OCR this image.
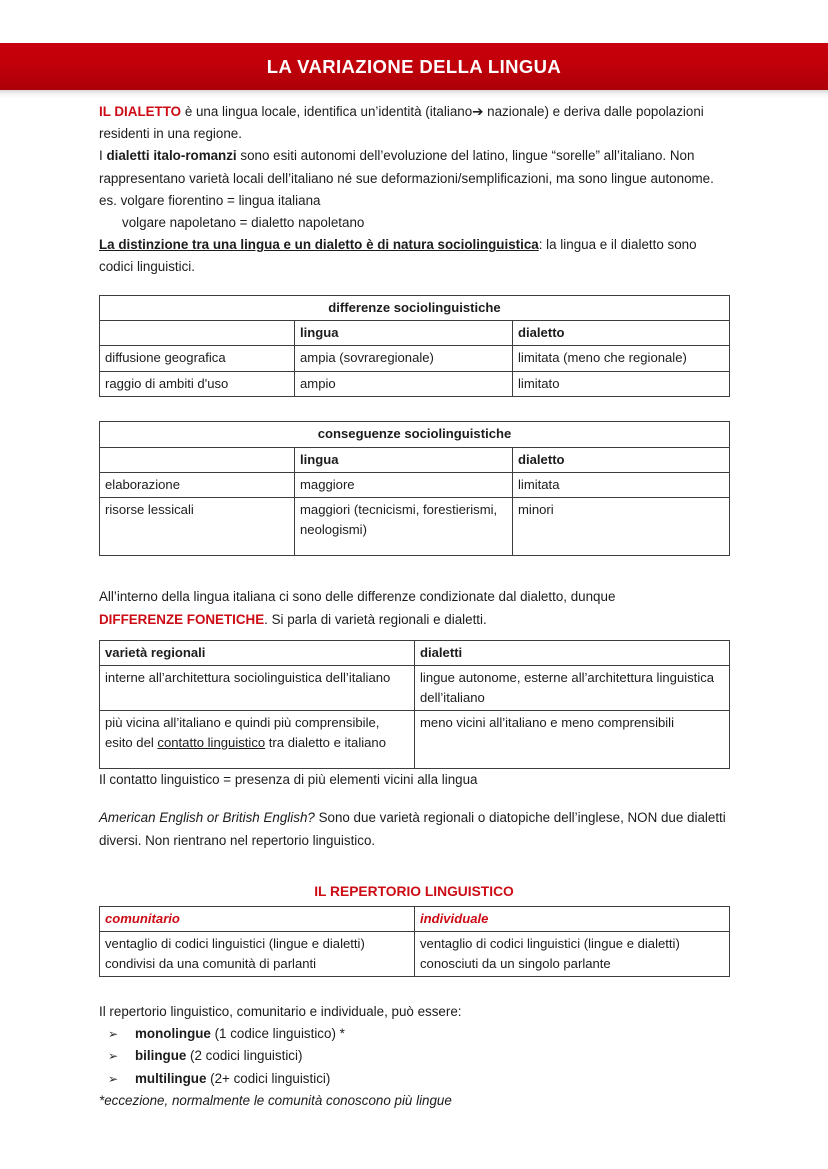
LA VARIAZIONE DELLA LINGUA

IL DIALETTO è una lingua locale, identifica un’identità (italiano➔ nazionale) e deriva dalle popolazioni residenti in una regione.

I dialetti italo-romanzi sono esiti autonomi dell’evoluzione del latino, lingue “sorelle” all’italiano. Non rappresentano varietà locali dell’italiano né sue deformazioni/semplificazioni, ma sono lingue autonome.

es. volgare fiorentino = lingua italiana

volgare napoletano = dialetto napoletano

La distinzione tra una lingua e un dialetto è di natura sociolinguistica: la lingua e il dialetto sono codici linguistici.

differenze sociolinguistiche		
	lingua	dialetto
diffusione geografica	ampia (sovraregionale)	limitata (meno che regionale)
raggio di ambiti d'uso	ampio	limitato
conseguenze sociolinguistiche		
	lingua	dialetto
elaborazione	maggiore	limitata
risorse lessicali	maggiori (tecnicismi, forestierismi, neologismi)	minori

All’interno della lingua italiana ci sono delle differenze condizionate dal dialetto, dunque

DIFFERENZE FONETICHE. Si parla di varietà regionali e dialetti.

varietà regionali	dialetti
interne all’architettura sociolinguistica dell’italiano	lingue autonome, esterne all’architettura linguistica dell’italiano
più vicina all’italiano e quindi più comprensibile, esito del contatto linguistico tra dialetto e italiano	meno vicini all’italiano e meno comprensibili

Il contatto linguistico = presenza di più elementi vicini alla lingua

American English or British English? Sono due varietà regionali o diatopiche dell’inglese, NON due dialetti diversi. Non rientrano nel repertorio linguistico.

IL REPERTORIO LINGUISTICO

comunitario	individuale
ventaglio di codici linguistici (lingue e dialetti) condivisi da una comunità di parlanti	ventaglio di codici linguistici (lingue e dialetti) conosciuti da un singolo parlante

Il repertorio linguistico, comunitario e individuale, può essere:

➢ monolingue (1 codice linguistico) *
➢ bilingue (2 codici linguistici)
➢ multilingue (2+ codici linguistici)

*eccezione, normalmente le comunità conoscono più lingue
